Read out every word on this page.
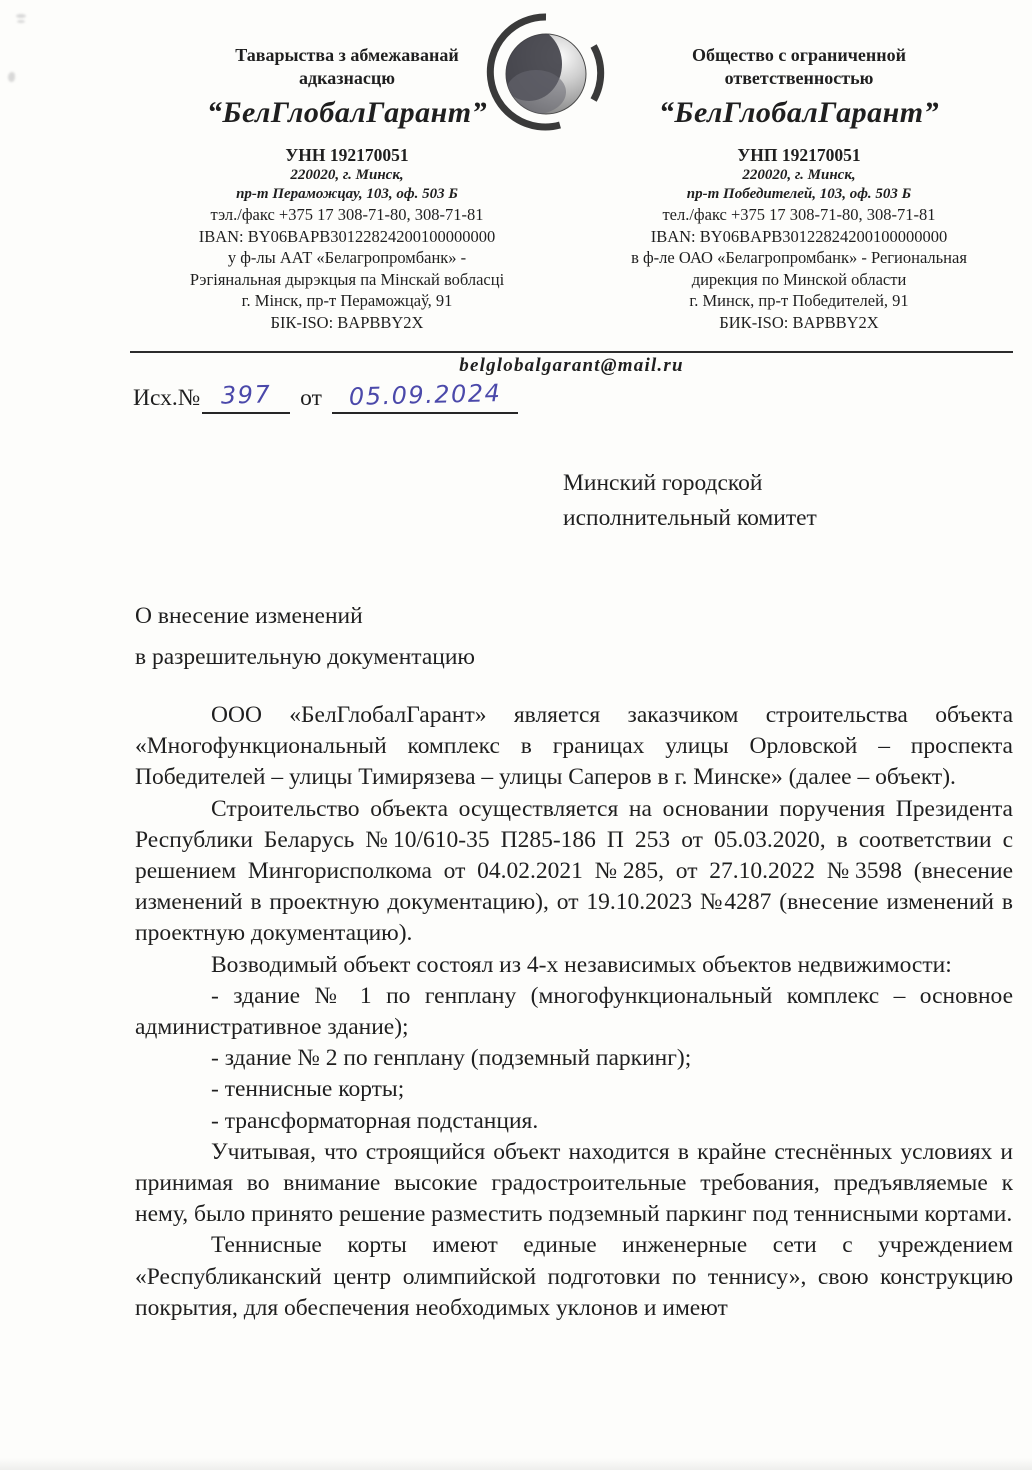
Таварыства з абмежаванай
адказнасцю
“БелГлобалГарант”
УНН 192170051
220020, г. Минск,
пр-т Пераможцау, 103, оф. 503 Б
тэл./факс +375 17 308-71-80, 308-71-81
IBAN: BY06BAPB30122824200100000000
у ф-лы ААТ «Белагропромбанк» -
Рэгіянальная дырэкцыя па Мінскай вобласці
г. Мінск, пр-т Пераможцаў, 91
БІК-ISO: BAPBBY2X
Общество с ограниченной
ответственностью
“БелГлобалГарант”
УНП 192170051
220020, г. Минск,
пр-т Победителей, 103, оф. 503 Б
тел./факс +375 17 308-71-80, 308-71-81
IBAN: BY06BAPB30122824200100000000
в ф-ле ОАО «Белагропромбанк» - Региональная
дирекция по Минской области
г. Минск, пр-т Победителей, 91
БИК-ISO: BAPBBY2X
belglobalgarant@mail.ru
Исх.№ 397 от 05.09.2024
Минский городской
исполнительный комитет
О внесение изменений
в разрешительную документацию

ООО «БелГлобалГарант» является заказчиком строительства объекта «Многофункциональный комплекс в границах улицы Орловской – проспекта Победителей – улицы Тимирязева – улицы Саперов в г. Минске» (далее – объект).

Строительство объекта осуществляется на основании поручения Президента Республики Беларусь №10/610-35 П285-186 П 253 от 05.03.2020, в соответствии с решением Мингорисполкома от 04.02.2021 №285, от 27.10.2022 №3598 (внесение изменений в проектную документацию), от 19.10.2023 №4287 (внесение изменений в проектную документацию).

Возводимый объект состоял из 4-х независимых объектов недвижимости:

- здание № 1 по генплану (многофункциональный комплекс – основное административное здание);

- здание № 2 по генплану (подземный паркинг);

- теннисные корты;

- трансформаторная подстанция.

Учитывая, что строящийся объект находится в крайне стеснённых условиях и принимая во внимание высокие градостроительные требования, предъявляемые к нему, было принято решение разместить подземный паркинг под теннисными кортами.

Теннисные корты имеют единые инженерные сети с учреждением «Республиканский центр олимпийской подготовки по теннису», свою конструкцию покрытия, для обеспечения необходимых уклонов и имеют
